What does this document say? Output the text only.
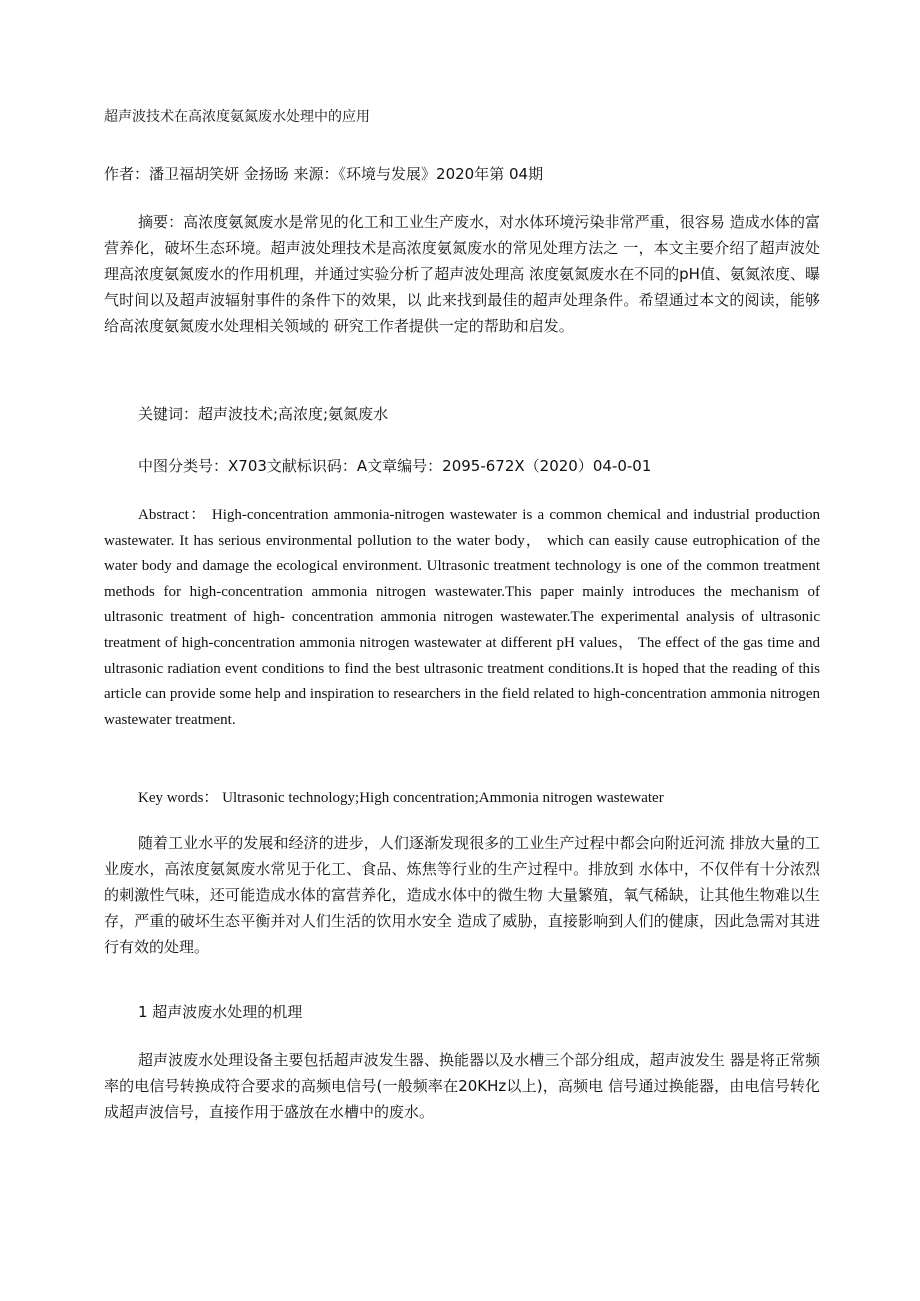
超声波技术在高浓度氨氮废水处理中的应用

作者：潘卫福胡笑妍 金扬旸 来源：《环境与发展》2020年第 04期

摘要：高浓度氨氮废水是常见的化工和工业生产废水，对水体环境污染非常严重，很容易 造成水体的富营养化，破坏生态环境。超声波处理技术是高浓度氨氮废水的常见处理方法之 一，本文主要介绍了超声波处理高浓度氨氮废水的作用机理，并通过实验分析了超声波处理高 浓度氨氮废水在不同的pH值、氨氮浓度、曝气时间以及超声波辐射事件的条件下的效果，以 此来找到最佳的超声处理条件。希望通过本文的阅读，能够给高浓度氨氮废水处理相关领域的 研究工作者提供一定的帮助和启发。

关键词：超声波技术;高浓度;氨氮废水

中图分类号：X703文献标识码：A文章编号：2095-672X（2020）04-0-01

Abstract： High-concentration ammonia-nitrogen wastewater is a common chemical and industrial production wastewater. It has serious environmental pollution to the water body， which can easily cause eutrophication of the water body and damage the ecological environment. Ultrasonic treatment technology is one of the common treatment methods for high-concentration ammonia nitrogen wastewater.This paper mainly introduces the mechanism of ultrasonic treatment of high- concentration ammonia nitrogen wastewater.The experimental analysis of ultrasonic treatment of high-concentration ammonia nitrogen wastewater at different pH values， The effect of the gas time and ultrasonic radiation event conditions to find the best ultrasonic treatment conditions.It is hoped that the reading of this article can provide some help and inspiration to researchers in the field related to high-concentration ammonia nitrogen wastewater treatment.

Key words： Ultrasonic technology;High concentration;Ammonia nitrogen wastewater

随着工业水平的发展和经济的进步，人们逐渐发现很多的工业生产过程中都会向附近河流 排放大量的工业废水，高浓度氨氮废水常见于化工、食品、炼焦等行业的生产过程中。排放到 水体中，不仅伴有十分浓烈的刺激性气味，还可能造成水体的富营养化，造成水体中的微生物 大量繁殖，氧气稀缺，让其他生物难以生存，严重的破坏生态平衡并对人们生活的饮用水安全 造成了威胁，直接影响到人们的健康，因此急需对其进行有效的处理。

1 超声波废水处理的机理

超声波废水处理设备主要包括超声波发生器、换能器以及水槽三个部分组成，超声波发生 器是将正常频率的电信号转换成符合要求的高频电信号(一般频率在20KHz以上)，高频电 信号通过换能器，由电信号转化成超声波信号，直接作用于盛放在水槽中的废水。
